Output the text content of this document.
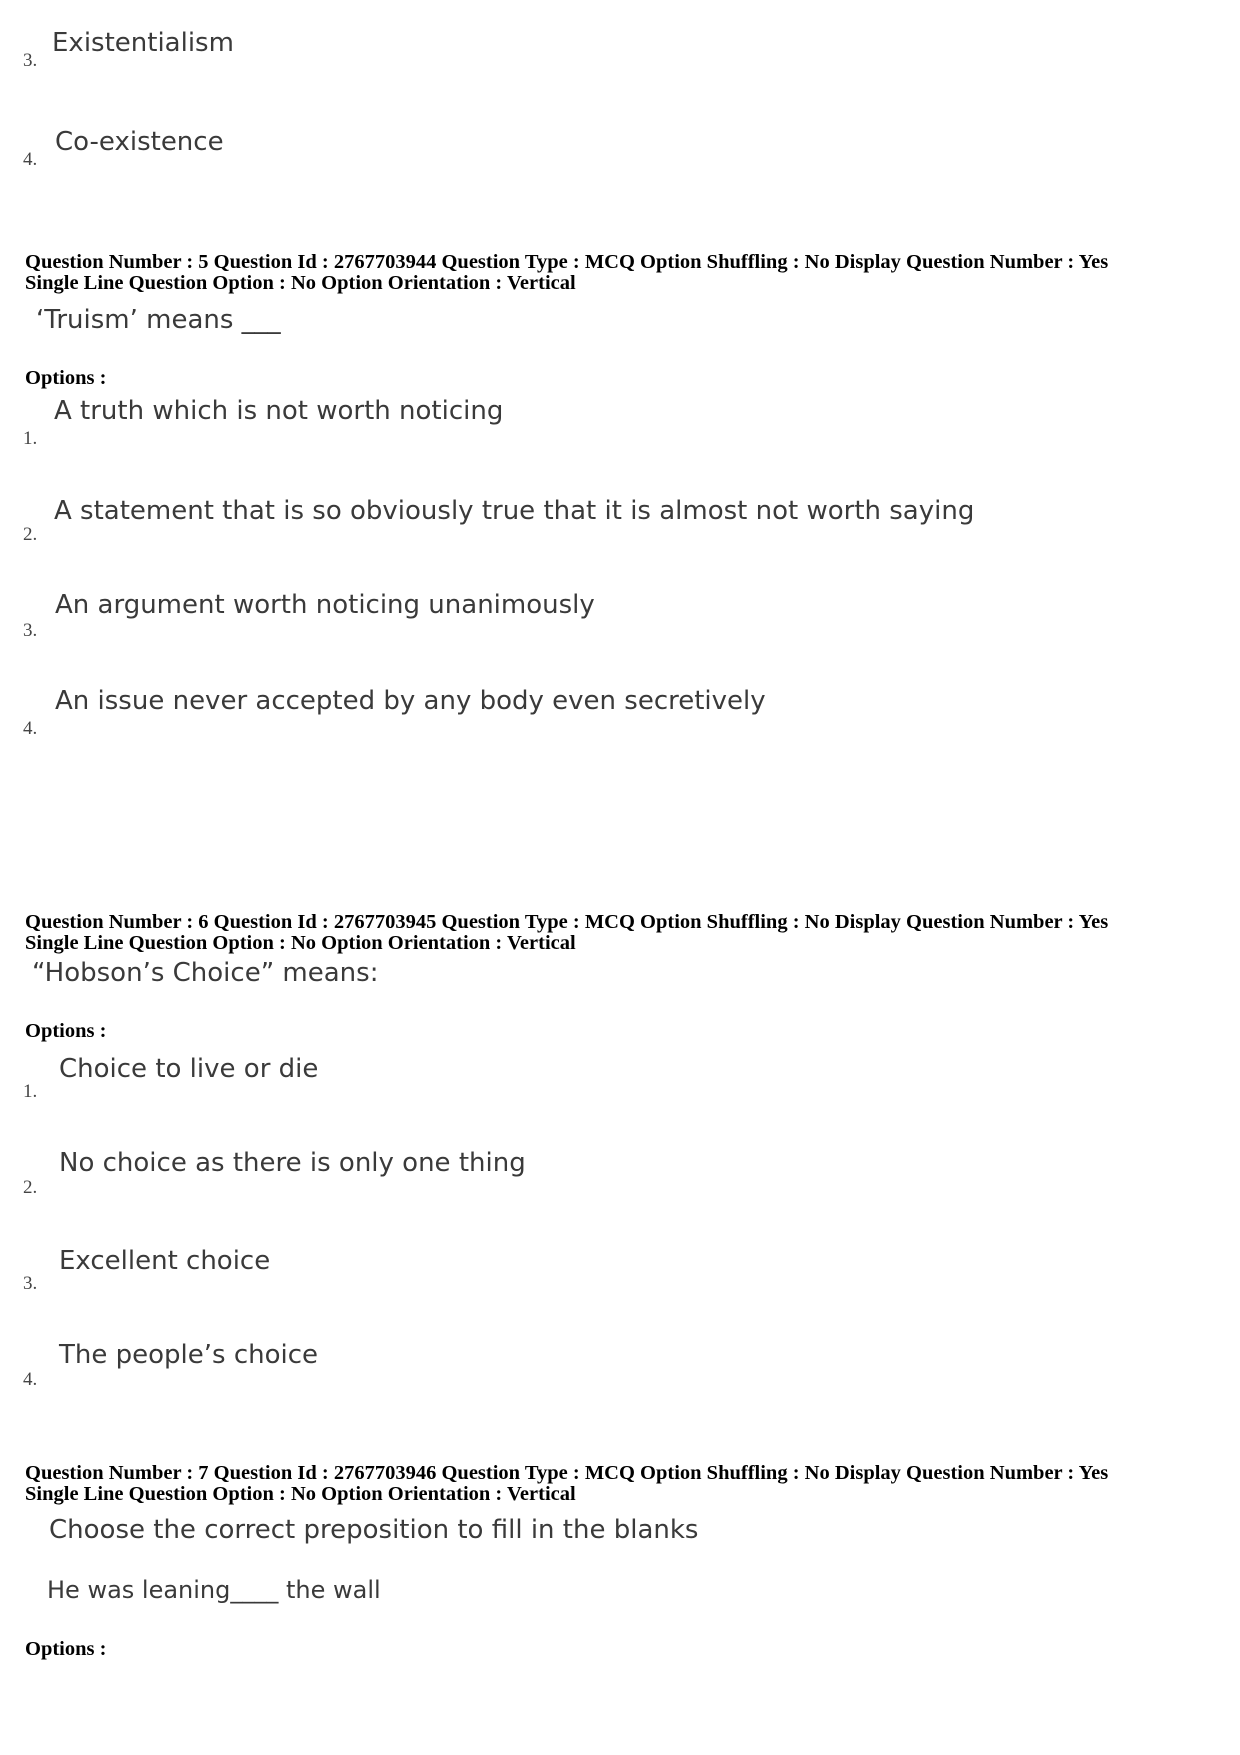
Existentialism
3.
Co-existence
4.
Question Number : 5 Question Id : 2767703944 Question Type : MCQ Option Shuffling : No Display Question Number : Yes
Single Line Question Option : No Option Orientation : Vertical
‘Truism’ means ___
Options :
A truth which is not worth noticing
1.
A statement that is so obviously true that it is almost not worth saying
2.
An argument worth noticing unanimously
3.
An issue never accepted by any body even secretively
4.
Question Number : 6 Question Id : 2767703945 Question Type : MCQ Option Shuffling : No Display Question Number : Yes
Single Line Question Option : No Option Orientation : Vertical
“Hobson’s Choice” means:
Options :
Choice to live or die
1.
No choice as there is only one thing
2.
Excellent choice
3.
The people’s choice
4.
Question Number : 7 Question Id : 2767703946 Question Type : MCQ Option Shuffling : No Display Question Number : Yes
Single Line Question Option : No Option Orientation : Vertical
Choose the correct preposition to fill in the blanks
He was leaning____ the wall
Options :
